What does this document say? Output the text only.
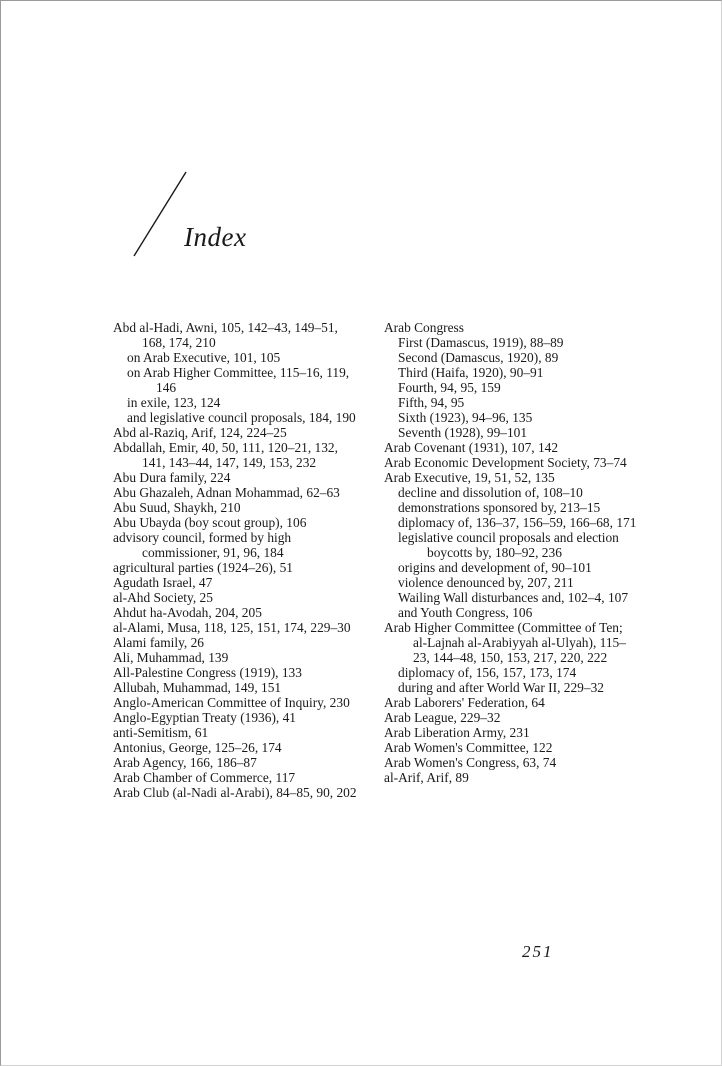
Index
Abd al-Hadi, Awni, 105, 142–43, 149–51, 168, 174, 210
on Arab Executive, 101, 105
on Arab Higher Committee, 115–16, 119, 146
in exile, 123, 124
and legislative council proposals, 184, 190
Abd al-Raziq, Arif, 124, 224–25
Abdallah, Emir, 40, 50, 111, 120–21, 132, 141, 143–44, 147, 149, 153, 232
Abu Dura family, 224
Abu Ghazaleh, Adnan Mohammad, 62–63
Abu Suud, Shaykh, 210
Abu Ubayda (boy scout group), 106
advisory council, formed by high commissioner, 91, 96, 184
agricultural parties (1924–26), 51
Agudath Israel, 47
al-Ahd Society, 25
Ahdut ha-Avodah, 204, 205
al-Alami, Musa, 118, 125, 151, 174, 229–30
Alami family, 26
Ali, Muhammad, 139
All-Palestine Congress (1919), 133
Allubah, Muhammad, 149, 151
Anglo-American Committee of Inquiry, 230
Anglo-Egyptian Treaty (1936), 41
anti-Semitism, 61
Antonius, George, 125–26, 174
Arab Agency, 166, 186–87
Arab Chamber of Commerce, 117
Arab Club (al-Nadi al-Arabi), 84–85, 90, 202
Arab Congress
First (Damascus, 1919), 88–89
Second (Damascus, 1920), 89
Third (Haifa, 1920), 90–91
Fourth, 94, 95, 159
Fifth, 94, 95
Sixth (1923), 94–96, 135
Seventh (1928), 99–101
Arab Covenant (1931), 107, 142
Arab Economic Development Society, 73–74
Arab Executive, 19, 51, 52, 135
decline and dissolution of, 108–10
demonstrations sponsored by, 213–15
diplomacy of, 136–37, 156–59, 166–68, 171
legislative council proposals and election boycotts by, 180–92, 236
origins and development of, 90–101
violence denounced by, 207, 211
Wailing Wall disturbances and, 102–4, 107
and Youth Congress, 106
Arab Higher Committee (Committee of Ten; al-Lajnah al-Arabiyyah al-Ulyah), 115–23, 144–48, 150, 153, 217, 220, 222
diplomacy of, 156, 157, 173, 174
during and after World War II, 229–32
Arab Laborers' Federation, 64
Arab League, 229–32
Arab Liberation Army, 231
Arab Women's Committee, 122
Arab Women's Congress, 63, 74
al-Arif, Arif, 89
251
